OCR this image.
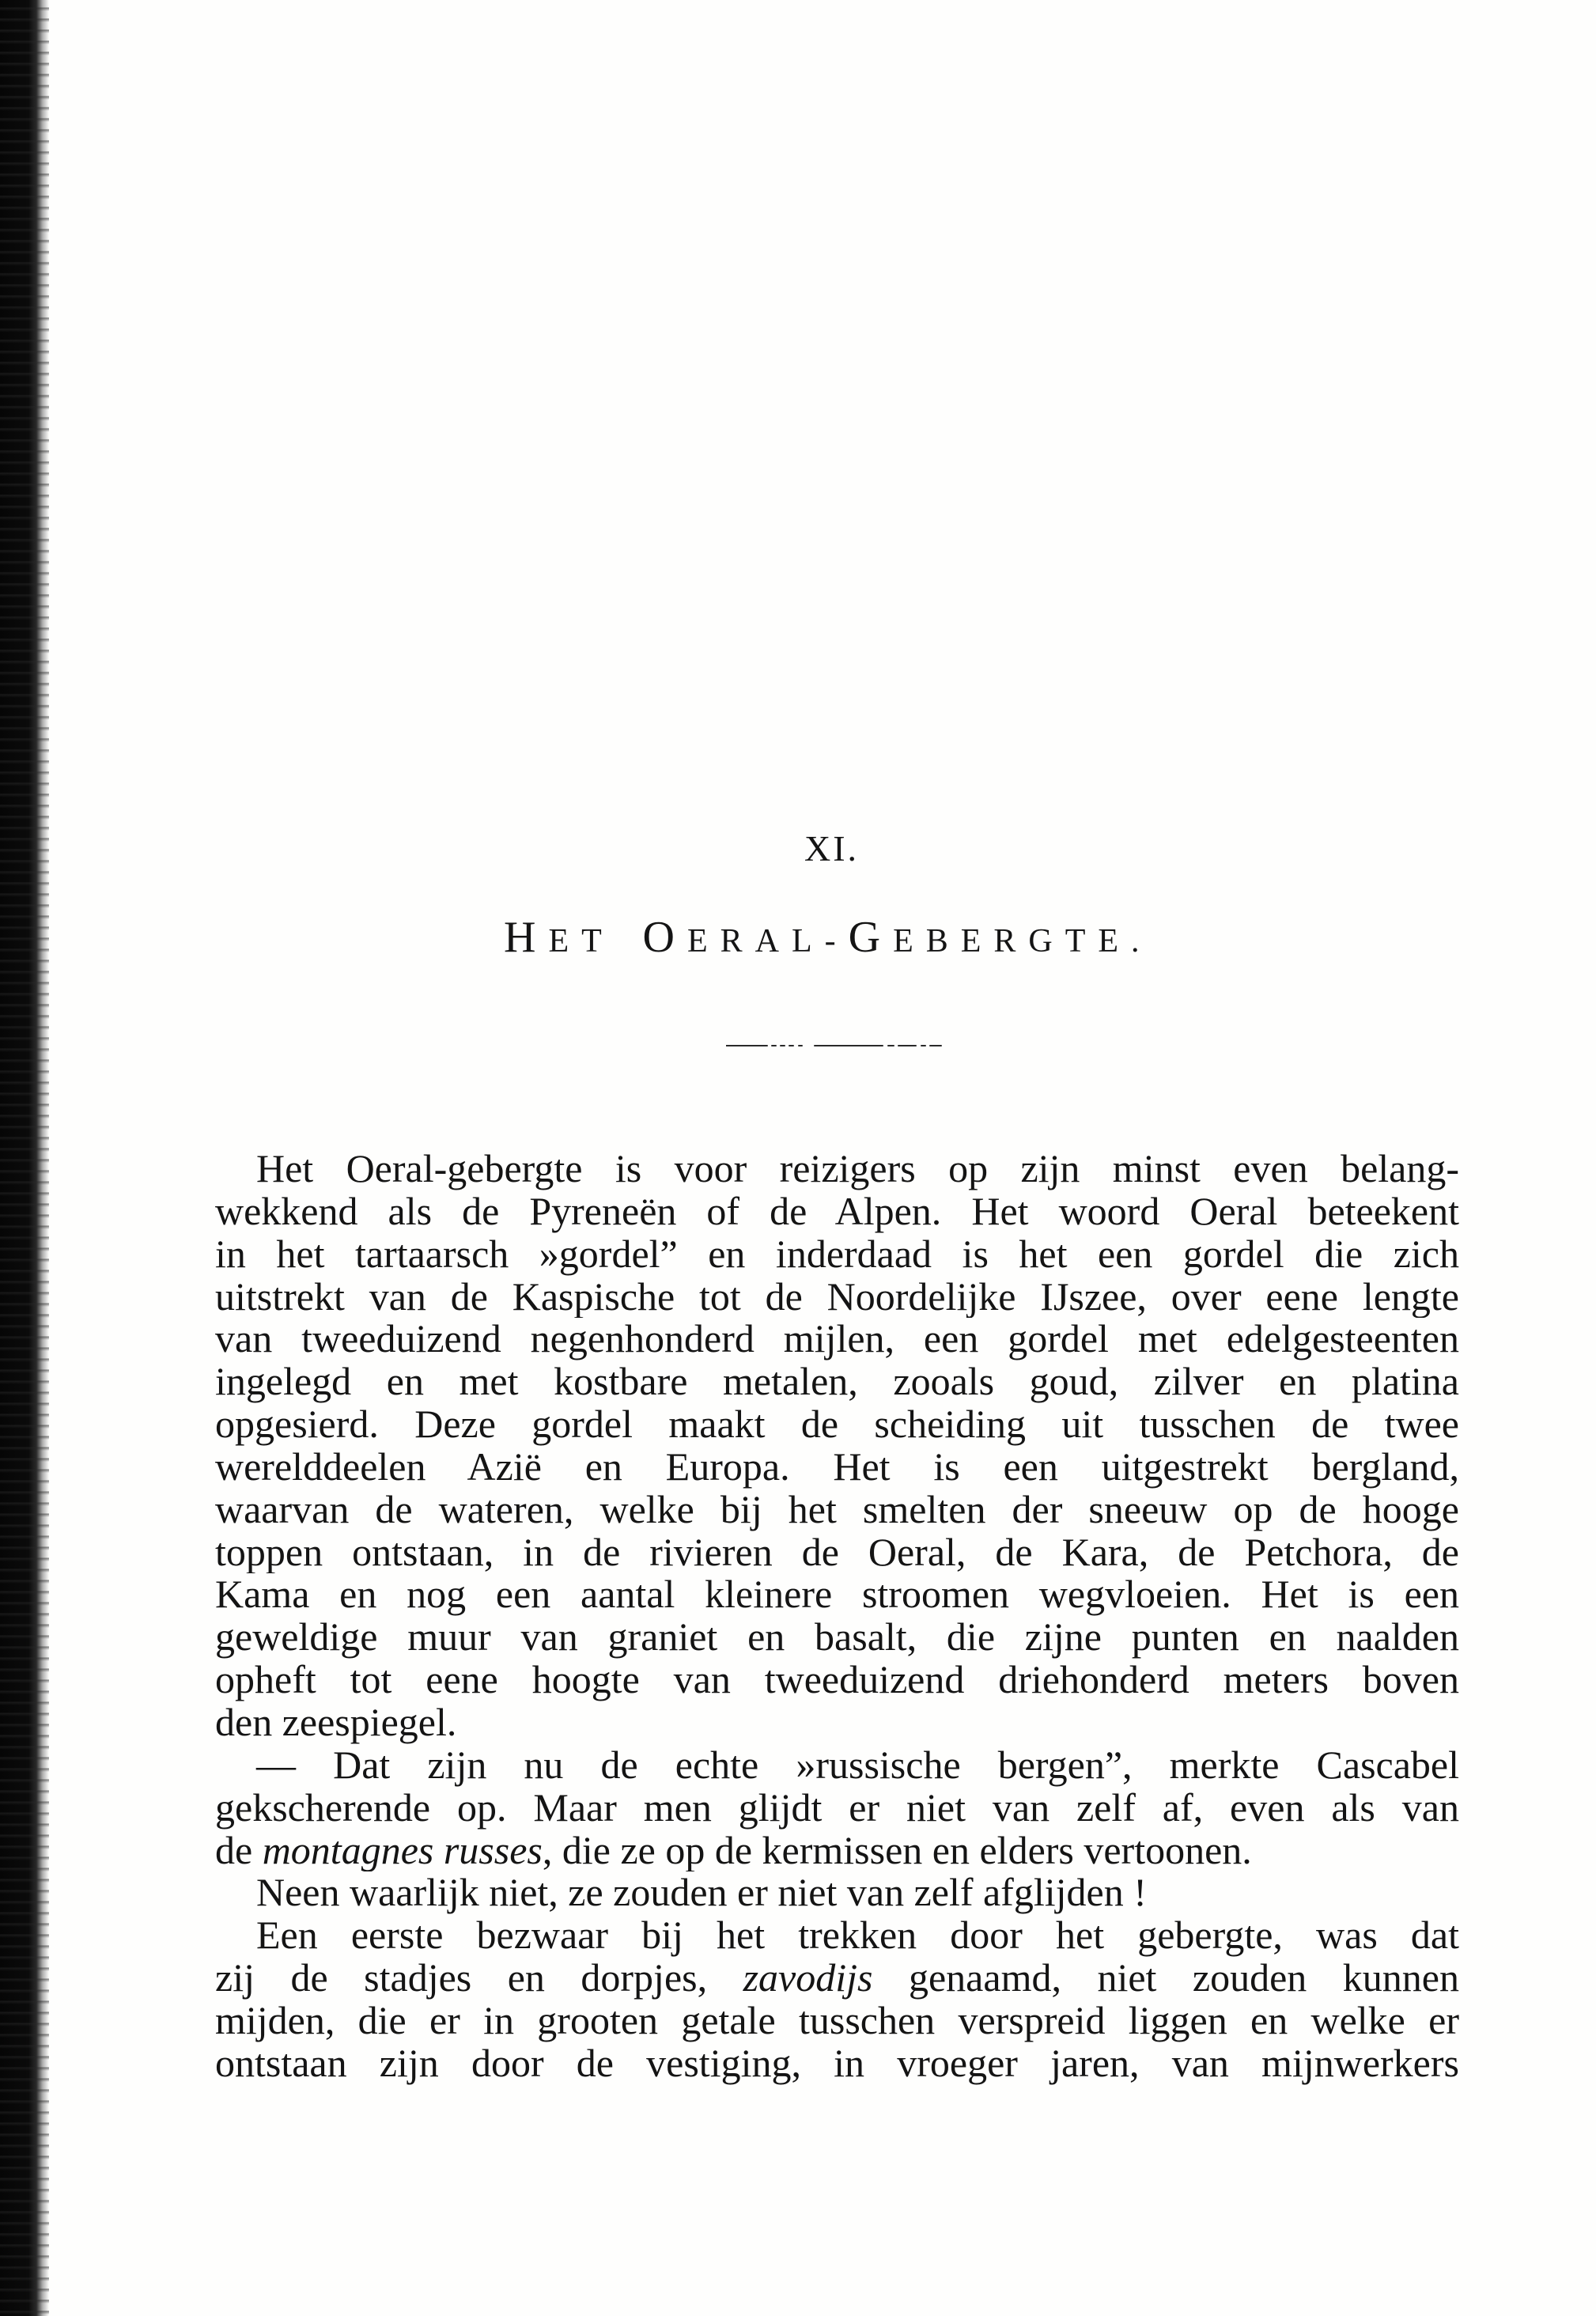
XI.
HET OERAL-GEBERGTE.
Het Oeral-gebergte is voor reizigers op zijn minst even belang-
wekkend als de Pyreneën of de Alpen. Het woord Oeral beteekent
in het tartaarsch »gordel” en inderdaad is het een gordel die zich
uitstrekt van de Kaspische tot de Noordelijke IJszee, over eene lengte
van tweeduizend negenhonderd mijlen, een gordel met edelgesteenten
ingelegd en met kostbare metalen, zooals goud, zilver en platina
opgesierd. Deze gordel maakt de scheiding uit tusschen de twee
werelddeelen Azië en Europa. Het is een uitgestrekt bergland,
waarvan de wateren, welke bij het smelten der sneeuw op de hooge
toppen ontstaan, in de rivieren de Oeral, de Kara, de Petchora, de
Kama en nog een aantal kleinere stroomen wegvloeien. Het is een
geweldige muur van graniet en basalt, die zijne punten en naalden
opheft tot eene hoogte van tweeduizend driehonderd meters boven
den zeespiegel.
— Dat zijn nu de echte »russische bergen”, merkte Cascabel
gekscherende op. Maar men glijdt er niet van zelf af, even als van
de montagnes russes, die ze op de kermissen en elders vertoonen.
Neen waarlijk niet, ze zouden er niet van zelf afglijden !
Een eerste bezwaar bij het trekken door het gebergte, was dat
zij de stadjes en dorpjes, zavodijs genaamd, niet zouden kunnen
mijden, die er in grooten getale tusschen verspreid liggen en welke er
ontstaan zijn door de vestiging, in vroeger jaren, van mijnwerkers
